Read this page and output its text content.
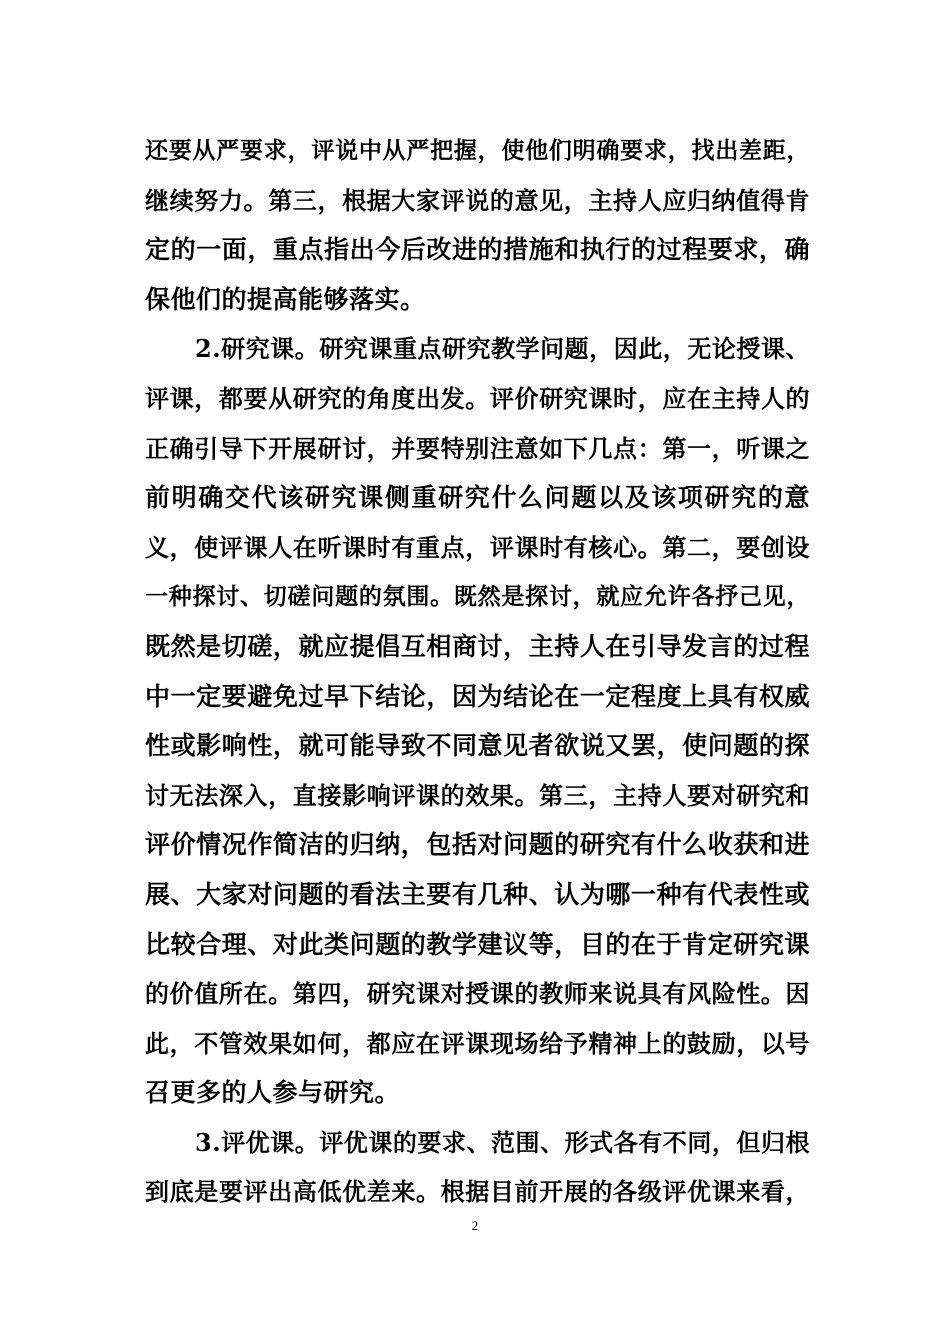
还要从严要求，评说中从严把握，使他们明确要求，找出差距，
继续努力。第三，根据大家评说的意见，主持人应归纳值得肯
定的一面，重点指出今后改进的措施和执行的过程要求，确
保他们的提高能够落实。
2.研究课。研究课重点研究教学问题，因此，无论授课、
评课，都要从研究的角度出发。评价研究课时，应在主持人的
正确引导下开展研讨，并要特别注意如下几点：第一，听课之
前明确交代该研究课侧重研究什么问题以及该项研究的意
义，使评课人在听课时有重点，评课时有核心。第二，要创设
一种探讨、切磋问题的氛围。既然是探讨，就应允许各抒己见，
既然是切磋，就应提倡互相商讨，主持人在引导发言的过程
中一定要避免过早下结论，因为结论在一定程度上具有权威
性或影响性，就可能导致不同意见者欲说又罢，使问题的探
讨无法深入，直接影响评课的效果。第三，主持人要对研究和
评价情况作简洁的归纳，包括对问题的研究有什么收获和进
展、大家对问题的看法主要有几种、认为哪一种有代表性或
比较合理、对此类问题的教学建议等，目的在于肯定研究课
的价值所在。第四，研究课对授课的教师来说具有风险性。因
此，不管效果如何，都应在评课现场给予精神上的鼓励，以号
召更多的人参与研究。
3.评优课。评优课的要求、范围、形式各有不同，但归根
到底是要评出高低优差来。根据目前开展的各级评优课来看，
2
